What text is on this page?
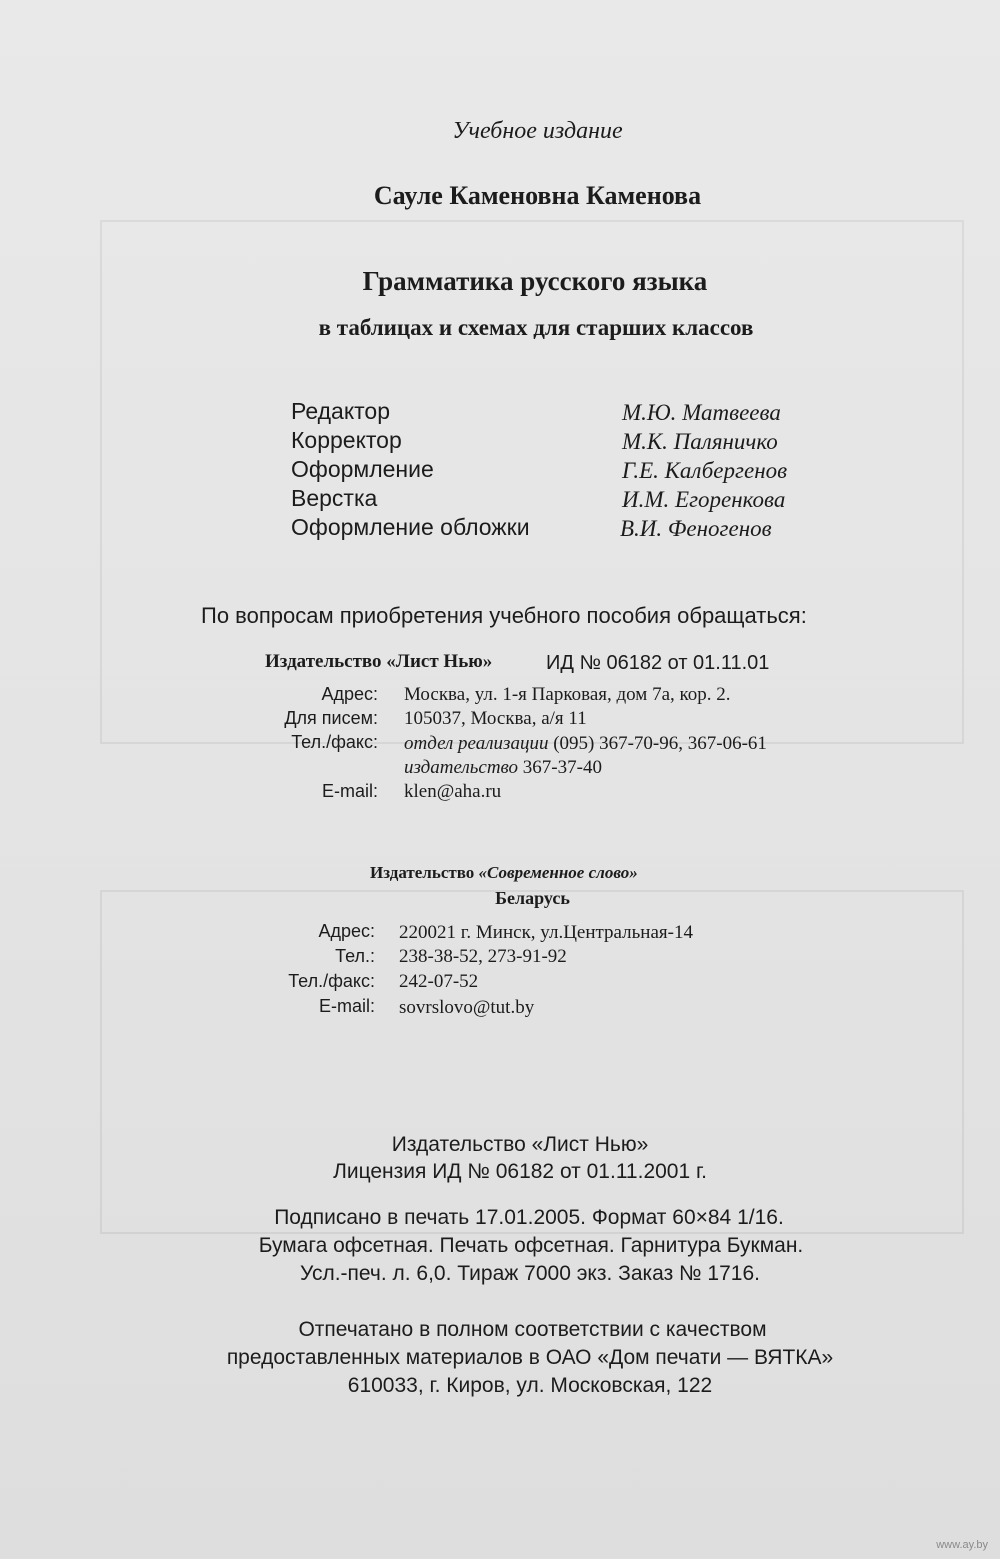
Учебное издание
Сауле Каменовна Каменова
Грамматика русского языка
в таблицах и схемах для старших классов
Редактор	М.Ю. Матвеева
Корректор	М.К. Паляничко
Оформление	Г.Е. Калбергенов
Верстка	И.М. Егоренкова
Оформление обложки	В.И. Феногенов
По вопросам приобретения учебного пособия обращаться:
Издательство «Лист Нью»	ИД № 06182 от 01.11.01
Адрес: Москва, ул. 1-я Парковая, дом 7а, кор. 2.
Для писем: 105037, Москва, а/я 11
Тел./факс: отдел реализации (095) 367-70-96, 367-06-61
издательство 367-37-40
E-mail: klen@aha.ru
Издательство «Современное слово»
Беларусь
Адрес: 220021 г. Минск, ул.Центральная-14
Тел.: 238-38-52, 273-91-92
Тел./факс: 242-07-52
E-mail: sovrslovo@tut.by
Издательство «Лист Нью»
Лицензия ИД № 06182 от 01.11.2001 г.
Подписано в печать 17.01.2005. Формат 60×84 1/16.
Бумага офсетная. Печать офсетная. Гарнитура Букман.
Усл.-печ. л. 6,0. Тираж 7000 экз. Заказ № 1716.
Отпечатано в полном соответствии с качеством
предоставленных материалов в ОАО «Дом печати — ВЯТКА»
610033, г. Киров, ул. Московская, 122
www.ay.by
